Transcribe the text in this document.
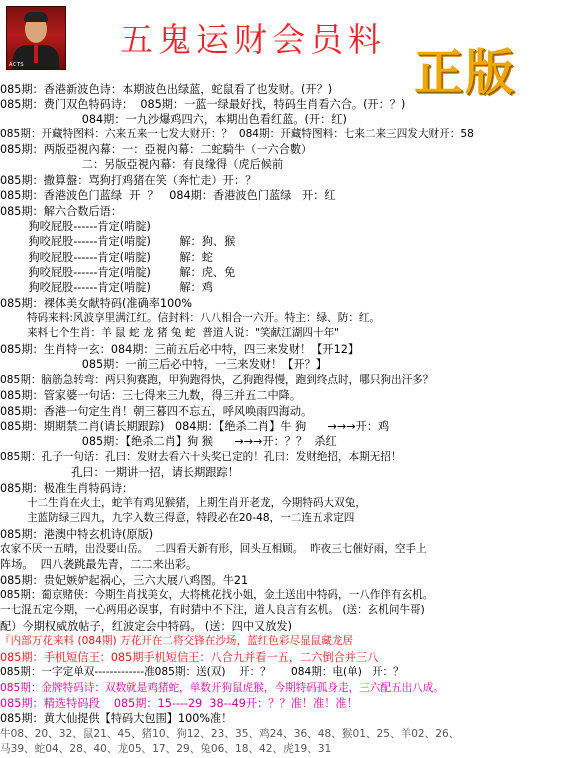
ACTS
五鬼运财会员料
正版
085期：香港新波色诗：本期波色出绿蓝，蛇鼠看了也发财。(开？)
085期：费门双色特码诗：  085期：一蓝一绿最好找，特码生肖看六合。(开：？)
084期：一九沙爆鸡四六，本期出色看红蓝。(开：红)
085期：开藏特图料：六来五来一七发大财开：？  084期：开藏特图料：七来二来三四发大财开：58
085期：两版亞視內幕：一：亞視內幕：二蛇騎牛（一六合數）
二：另版亞視內幕：有良缘得（虎后候前
085期：撒算盤：骂狗打鸡猪在笑（奔忙走）开：？
085期：香港波色门蓝绿  开  ？   084期：香港波色门蓝绿   开：红
085期：解六合数后语：
狗咬屁股------肯定(啃腚)
狗咬屁股------肯定(啃腚)        解：狗、猴
狗咬屁股------肯定(啃腚)        解：蛇
狗咬屁股------肯定(啃腚)        解：虎、免
狗咬屁股------肯定(啃腚)        解：鸡
085期：裸体美女献特码(准确率100%
特码来料:风波享里满江红。信封料：八八相合一六开。特主：绿、防：红。
来料七个生肖：羊 鼠 蛇 龙 猪 兔 蛇  普道人说："笑献江湖四十年"
085期：生肖特一玄：084期：三前五后必中特，四三来发财！【开12】
085期：一前三后必中特，一三来发财！【开？】
085期：脑筋急转弯：两只狗赛跑，甲狗跑得快，乙狗跑得慢，跑到终点时，哪只狗出汗多？
085期：管家婆一句话：三七得来三九数，得三并五二中降。
085期：香港一句定生肖！朝三暮四不忘五，呼风唤雨四海动。
085期：期期禁二肖(请长期跟踪)   084期：【绝杀二肖】牛 狗      →→→开：鸡
085期：【绝杀二肖】狗 猴      →→→开：？？  杀红
085期：孔子一句话：孔曰：发财去看六十头奖已定的！孔曰：发财绝招，本期无招！
孔曰：一期讲一招，请长期跟踪！
085期：极准生肖特码诗：
十二生肖在火土，蛇羊有鸡见猴猪，上期生肖开老龙，今期特码大双兔，
主蓝防绿三四九，九字入数三得意，特段必在20-48，一二连五求定四
085期：港澳中特玄机诗(原版)
农家不厌一五晴，出没要山岳。  二四看天新有形，回头互相顾。  昨夜三七催好雨，空手上
阵场。  四八袭跳最先青，二二来出彩。
085期：贵妃嫉妒起祸心，三六大展八鸡图。牛21
085期：葡京赌侠：今期生肖找美女，大将桃花找小姐，金土送出中特码，一八作伴有玄机。
一七混五定今期，一心两用必误事，有时猜中不下注，道人良言有玄机。 (送：玄机问牛哥)
配）今期权威放帖子，红波定会中特码。 (送：四中又放发)
『内部万花来料 (084期) 万花开在二将交锋在沙场，蓝红色彩尽显鼠藏龙居
085期：手机短信王：085期手机短信王：八合九并看一五，二六倒合并三八
085期：一字定单双-------------准085期：送(双)    开：？      084期：电(单)   开：？
085期：金牌特码诗：双数就是鸡猪蛇，单数开狗鼠虎猴，今期特码孤身走，三六配五出八成。
085期：精选特码段    085期：15----29  38--49开：？？准！准！准！
085期：黄大仙提供【特码大包围】100%准！
牛08、20、32、鼠21、45、猪10、狗12、23、35、鸡24、36、48、猴01、25、羊02、26、
马39、蛇04、28、40、龙05、17、29、兔06、18、42、虎19、31
